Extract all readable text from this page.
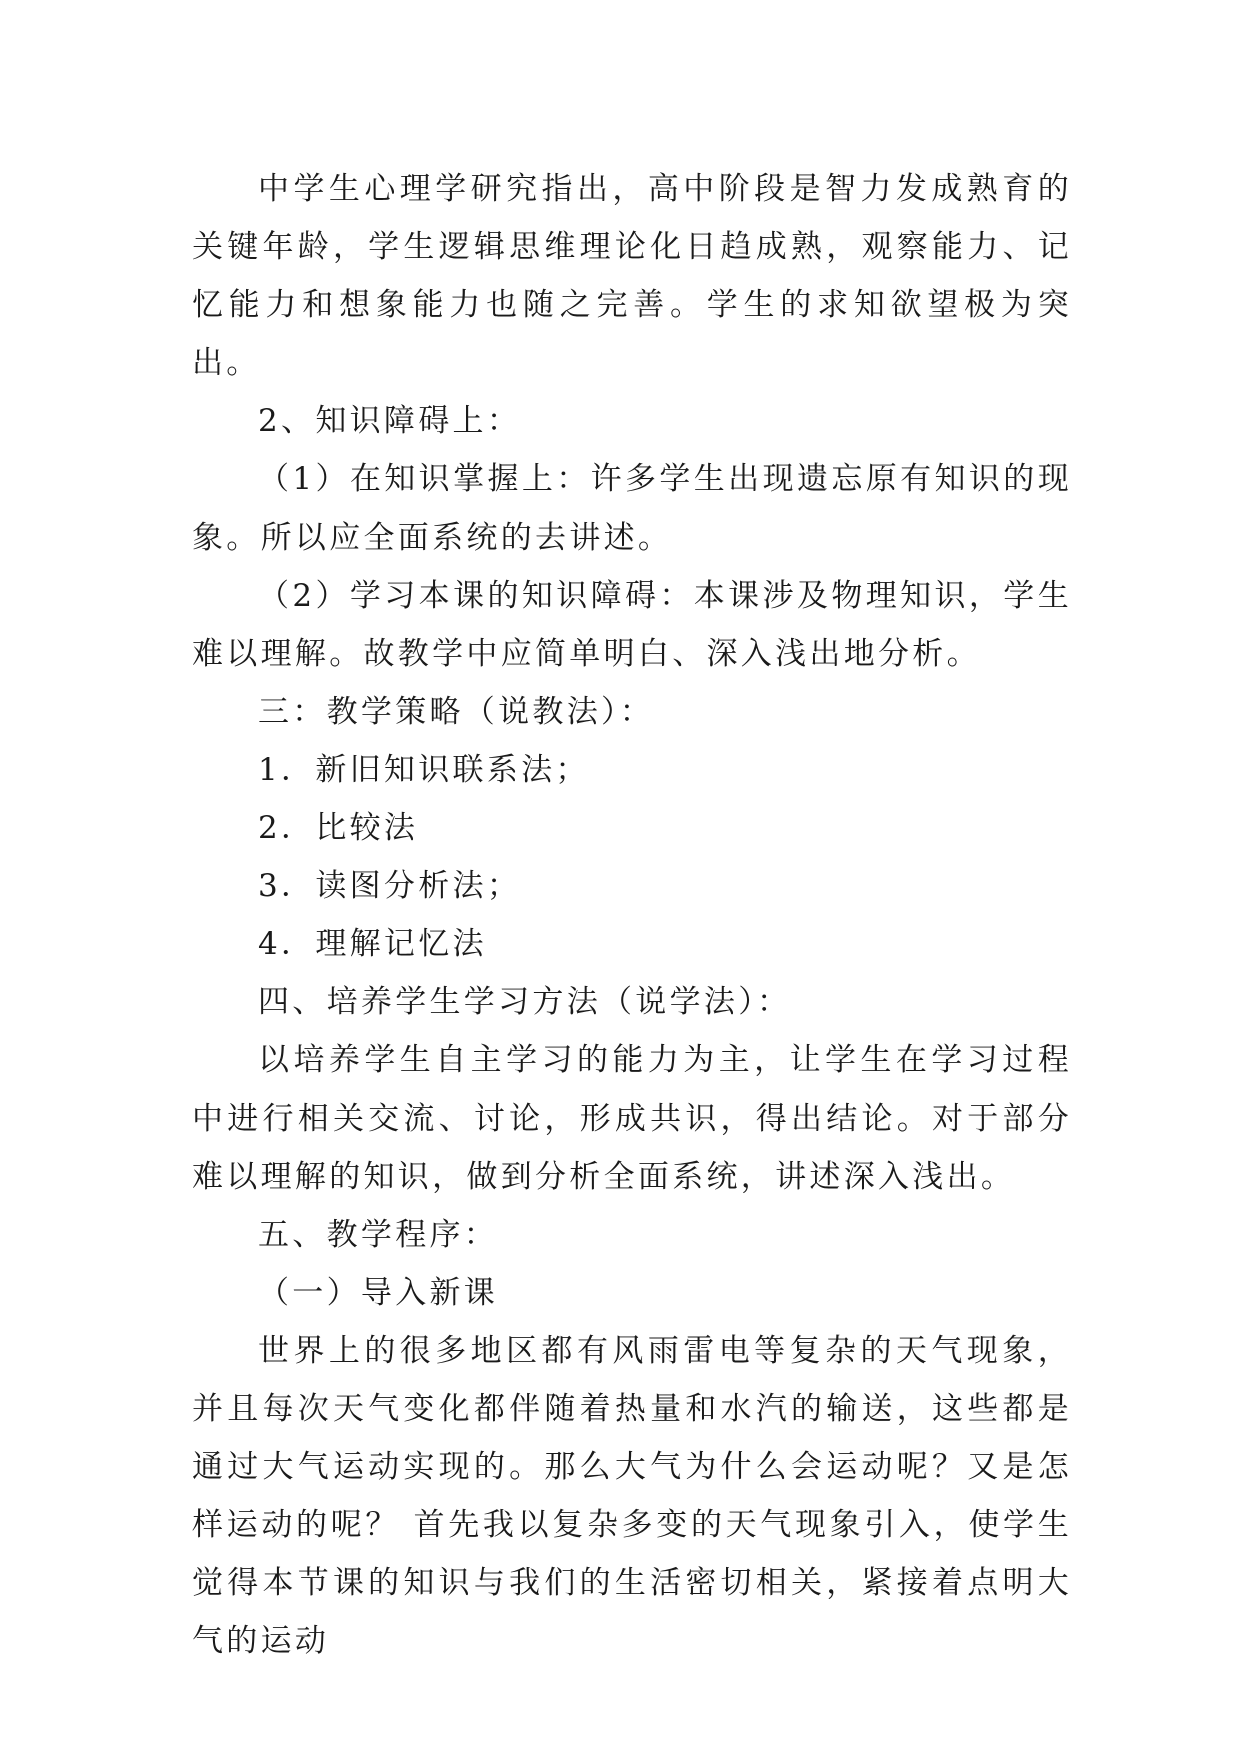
中学生心理学研究指出，高中阶段是智力发成熟育的关键年龄，学生逻辑思维理论化日趋成熟，观察能力、记忆能力和想象能力也随之完善。学生的求知欲望极为突出。

2、知识障碍上：

（1）在知识掌握上：许多学生出现遗忘原有知识的现象。所以应全面系统的去讲述。

（2）学习本课的知识障碍：本课涉及物理知识，学生难以理解。故教学中应简单明白、深入浅出地分析。

三：教学策略（说教法）：

1．新旧知识联系法；

2．比较法

3．读图分析法；

4．理解记忆法

四、培养学生学习方法（说学法）：

以培养学生自主学习的能力为主，让学生在学习过程中进行相关交流、讨论，形成共识，得出结论。对于部分难以理解的知识，做到分析全面系统，讲述深入浅出。

五、教学程序：

（一）导入新课

世界上的很多地区都有风雨雷电等复杂的天气现象，并且每次天气变化都伴随着热量和水汽的输送，这些都是通过大气运动实现的。那么大气为什么会运动呢？又是怎样运动的呢？ 首先我以复杂多变的天气现象引入，使学生觉得本节课的知识与我们的生活密切相关，紧接着点明大气的运动
